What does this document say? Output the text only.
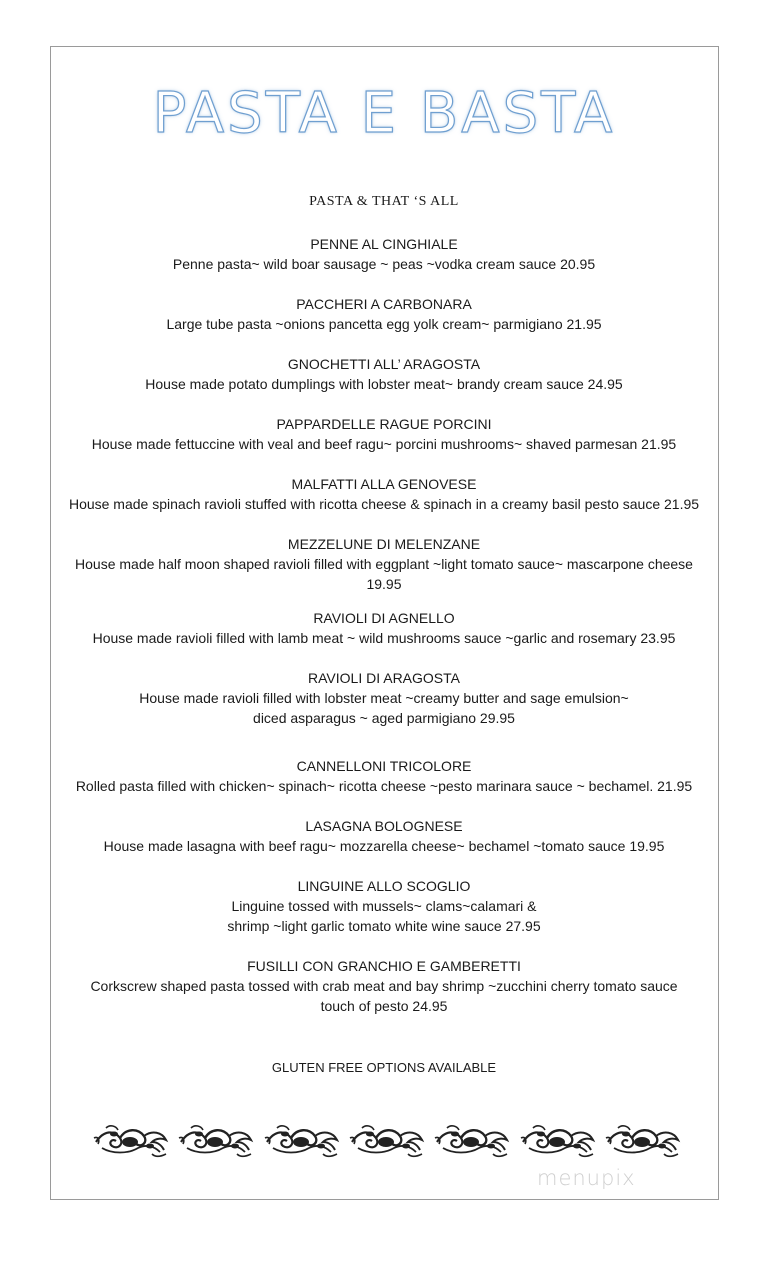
PASTA E BASTA
PASTA & THAT ‘S ALL
PENNE AL CINGHIALE
Penne pasta~ wild boar sausage ~ peas ~vodka cream sauce 20.95
PACCHERI A CARBONARA
Large tube pasta ~onions pancetta egg yolk cream~ parmigiano 21.95
GNOCHETTI ALL’ ARAGOSTA
House made potato dumplings with lobster meat~ brandy cream sauce 24.95
PAPPARDELLE RAGUE PORCINI
House made fettuccine with veal and beef ragu~ porcini mushrooms~ shaved parmesan 21.95
MALFATTI ALLA GENOVESE
House made spinach ravioli stuffed with ricotta cheese & spinach in a creamy basil pesto sauce 21.95
MEZZELUNE DI MELENZANE
House made half moon shaped ravioli filled with eggplant ~light tomato sauce~ mascarpone cheese
19.95
RAVIOLI DI AGNELLO
House made ravioli filled with lamb meat ~ wild mushrooms sauce ~garlic and rosemary 23.95
RAVIOLI DI ARAGOSTA
House made ravioli filled with lobster meat ~creamy butter and sage emulsion~
diced asparagus ~ aged parmigiano 29.95
CANNELLONI TRICOLORE
Rolled pasta filled with chicken~ spinach~ ricotta cheese ~pesto marinara sauce ~ bechamel. 21.95
LASAGNA BOLOGNESE
House made lasagna with beef ragu~ mozzarella cheese~ bechamel ~tomato sauce 19.95
LINGUINE ALLO SCOGLIO
Linguine tossed with mussels~ clams~calamari &
shrimp ~light garlic tomato white wine sauce 27.95
FUSILLI CON GRANCHIO E GAMBERETTI
Corkscrew shaped pasta tossed with crab meat and bay shrimp ~zucchini cherry tomato sauce
touch of pesto 24.95
GLUTEN FREE OPTIONS AVAILABLE
menupix
